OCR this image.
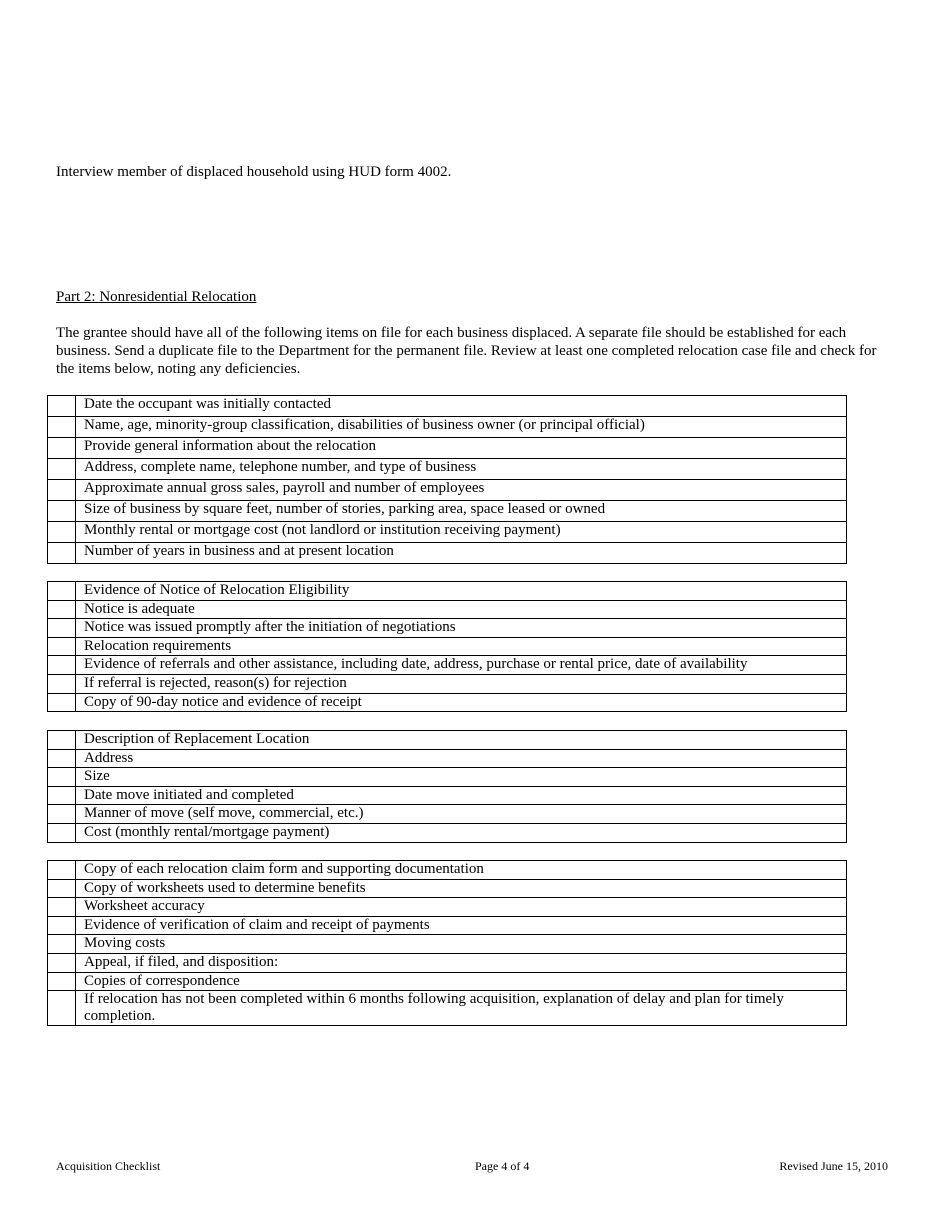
Interview member of displaced household using HUD form 4002.

Part 2: Nonresidential Relocation

The grantee should have all of the following items on file for each business displaced. A separate file should be established for each business. Send a duplicate file to the Department for the permanent file. Review at least one completed relocation case file and check for the items below, noting any deficiencies.

	Date the occupant was initially contacted
	Name, age, minority-group classification, disabilities of business owner (or principal official)
	Provide general information about the relocation
	Address, complete name, telephone number, and type of business
	Approximate annual gross sales, payroll and number of employees
	Size of business by square feet, number of stories, parking area, space leased or owned
	Monthly rental or mortgage cost (not landlord or institution receiving payment)
	Number of years in business and at present location
	Evidence of Notice of Relocation Eligibility
	Notice is adequate
	Notice was issued promptly after the initiation of negotiations
	Relocation requirements
	Evidence of referrals and other assistance, including date, address, purchase or rental price, date of availability
	If referral is rejected, reason(s) for rejection
	Copy of 90-day notice and evidence of receipt
	Description of Replacement Location
	Address
	Size
	Date move initiated and completed
	Manner of move (self move, commercial, etc.)
	Cost (monthly rental/mortgage payment)
	Copy of each relocation claim form and supporting documentation
	Copy of worksheets used to determine benefits
	Worksheet accuracy
	Evidence of verification of claim and receipt of payments
	Moving costs
	Appeal, if filed, and disposition:
	Copies of correspondence
	If relocation has not been completed within 6 months following acquisition, explanation of delay and plan for timely completion.
Acquisition Checklist	Page 4 of 4	Revised June 15, 2010
